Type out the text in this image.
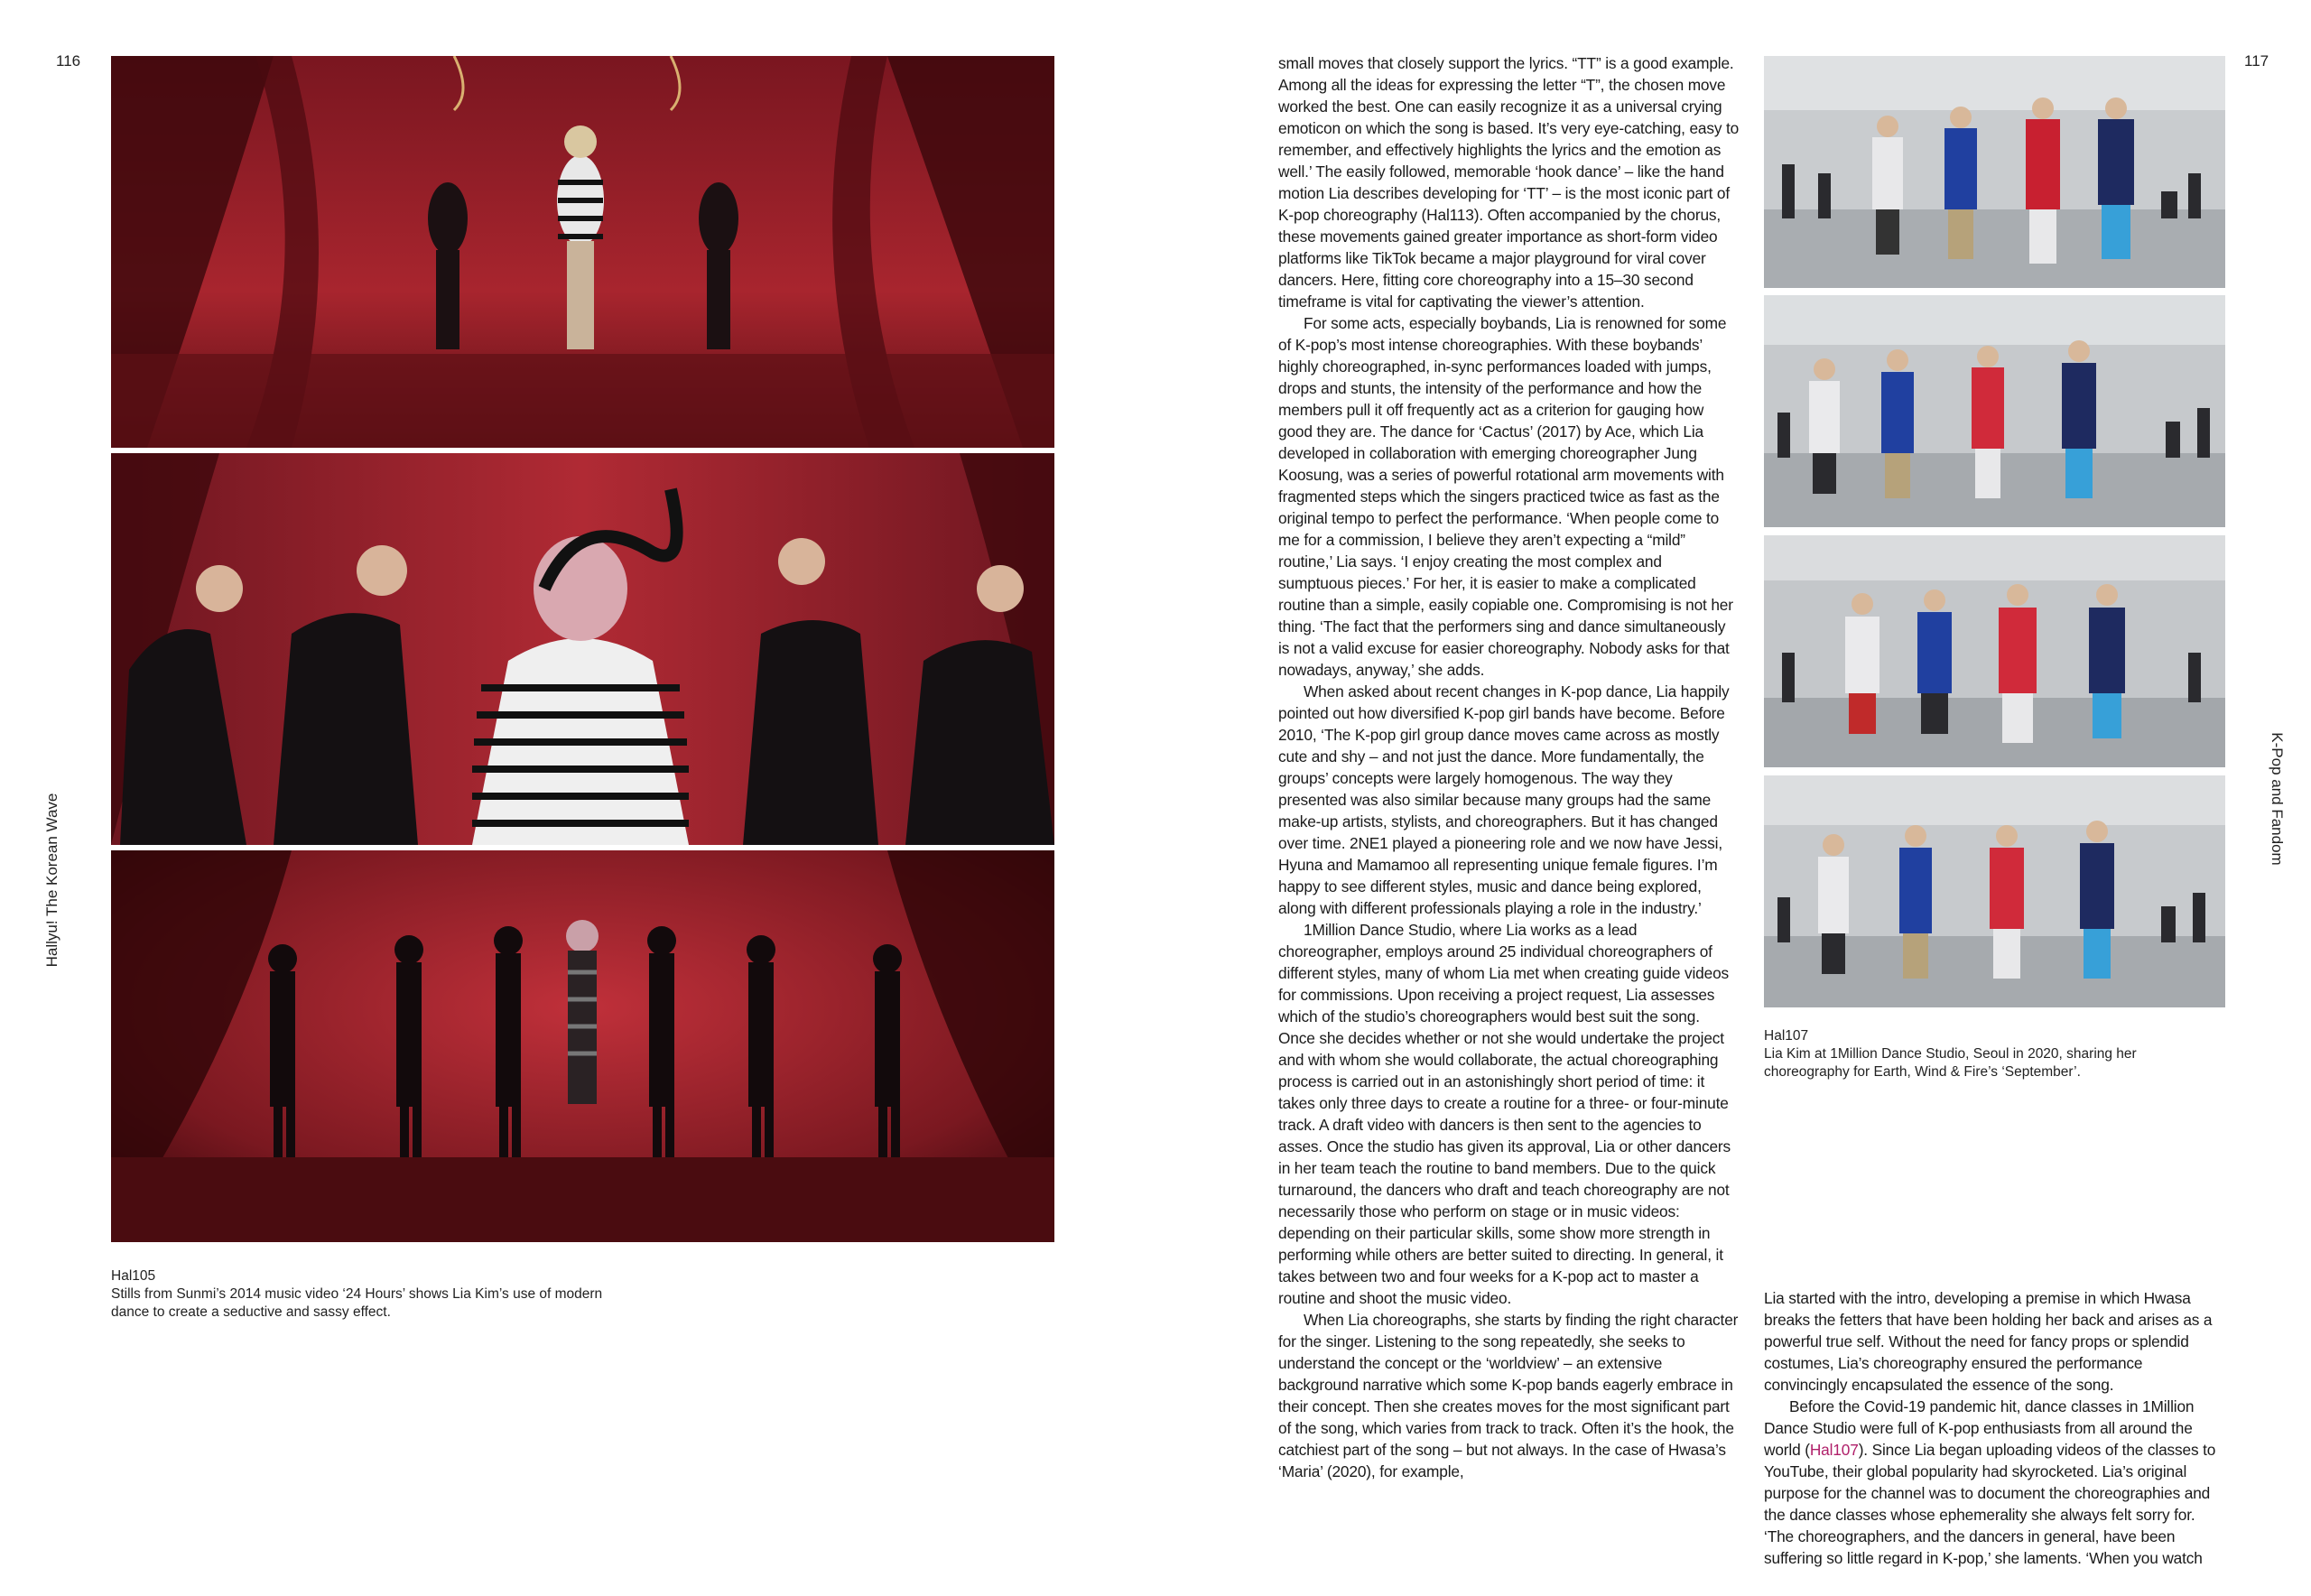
116	117
Hallyu! The Korean Wave	K-Pop and Fandom

Hal105

Stills from Sunmi’s 2014 music video ‘24 Hours’ shows Lia Kim’s use of modern

dance to create a seductive and sassy effect.

small moves that closely support the lyrics. “TT” is a good example. Among all the ideas for expressing the letter “T”, the chosen move worked the best. One can easily recognize it as a universal crying emoticon on which the song is based. It’s very eye-catching, easy to remember, and effectively highlights the lyrics and the emotion as well.’ The easily followed, memorable ‘hook dance’ – like the hand motion Lia describes developing for ‘TT’ – is the most iconic part of K-pop choreography (Hal113). Often accompanied by the chorus, these movements gained greater importance as short-form video platforms like TikTok became a major playground for viral cover dancers. Here, fitting core choreography into a 15–30 second timeframe is vital for captivating the viewer’s attention.

For some acts, especially boybands, Lia is renowned for some of K-pop’s most intense choreographies. With these boybands’ highly choreographed, in-sync performances loaded with jumps, drops and stunts, the intensity of the performance and how the members pull it off frequently act as a criterion for gauging how good they are. The dance for ‘Cactus’ (2017) by Ace, which Lia developed in collaboration with emerging choreographer Jung Koosung, was a series of powerful rotational arm movements with fragmented steps which the singers practiced twice as fast as the original tempo to perfect the performance. ‘When people come to me for a commission, I believe they aren’t expecting a “mild” routine,’ Lia says. ‘I enjoy creating the most complex and sumptuous pieces.’ For her, it is easier to make a complicated routine than a simple, easily copiable one. Compromising is not her thing. ‘The fact that the performers sing and dance simultaneously is not a valid excuse for easier choreography. Nobody asks for that nowadays, anyway,’ she adds.

When asked about recent changes in K-pop dance, Lia happily pointed out how diversified K-pop girl bands have become. Before 2010, ‘The K-pop girl group dance moves came across as mostly cute and shy – and not just the dance. More fundamentally, the groups’ concepts were largely homogenous. The way they presented was also similar because many groups had the same make-up artists, stylists, and choreographers. But it has changed over time. 2NE1 played a pioneering role and we now have Jessi, Hyuna and Mamamoo all representing unique female figures. I’m happy to see different styles, music and dance being explored, along with different professionals playing a role in the industry.’

1Million Dance Studio, where Lia works as a lead choreographer, employs around 25 individual choreographers of different styles, many of whom Lia met when creating guide videos for commissions. Upon receiving a project request, Lia assesses which of the studio’s choreographers would best suit the song. Once she decides whether or not she would undertake the project and with whom she would collaborate, the actual choreographing process is carried out in an astonishingly short period of time: it takes only three days to create a routine for a three- or four-minute track. A draft video with dancers is then sent to the agencies to asses. Once the studio has given its approval, Lia or other dancers in her team teach the routine to band members. Due to the quick turnaround, the dancers who draft and teach choreography are not necessarily those who perform on stage or in music videos: depending on their particular skills, some show more strength in performing while others are better suited to directing. In general, it takes between two and four weeks for a K-pop act to master a routine and shoot the music video.

When Lia choreographs, she starts by finding the right character for the singer. Listening to the song repeatedly, she seeks to understand the concept or the ‘worldview’ – an extensive background narrative which some K-pop bands eagerly embrace in their concept. Then she creates moves for the most significant part of the song, which varies from track to track. Often it’s the hook, the catchiest part of the song – but not always. In the case of Hwasa’s ‘Maria’ (2020), for example,

Hal107

Lia Kim at 1Million Dance Studio, Seoul in 2020, sharing her

choreography for Earth, Wind & Fire’s ‘September’.

Lia started with the intro, developing a premise in which Hwasa breaks the fetters that have been holding her back and arises as a powerful true self. Without the need for fancy props or splendid costumes, Lia’s choreography ensured the performance convincingly encapsulated the essence of the song.

Before the Covid-19 pandemic hit, dance classes in 1Million Dance Studio were full of K-pop enthusiasts from all around the world (Hal107). Since Lia began uploading videos of the classes to YouTube, their global popularity had skyrocketed. Lia’s original purpose for the channel was to document the choreographies and the dance classes whose ephemerality she always felt sorry for. ‘The choreographers, and the dancers in general, have been suffering so little regard in K-pop,’ she laments. ‘When you watch
